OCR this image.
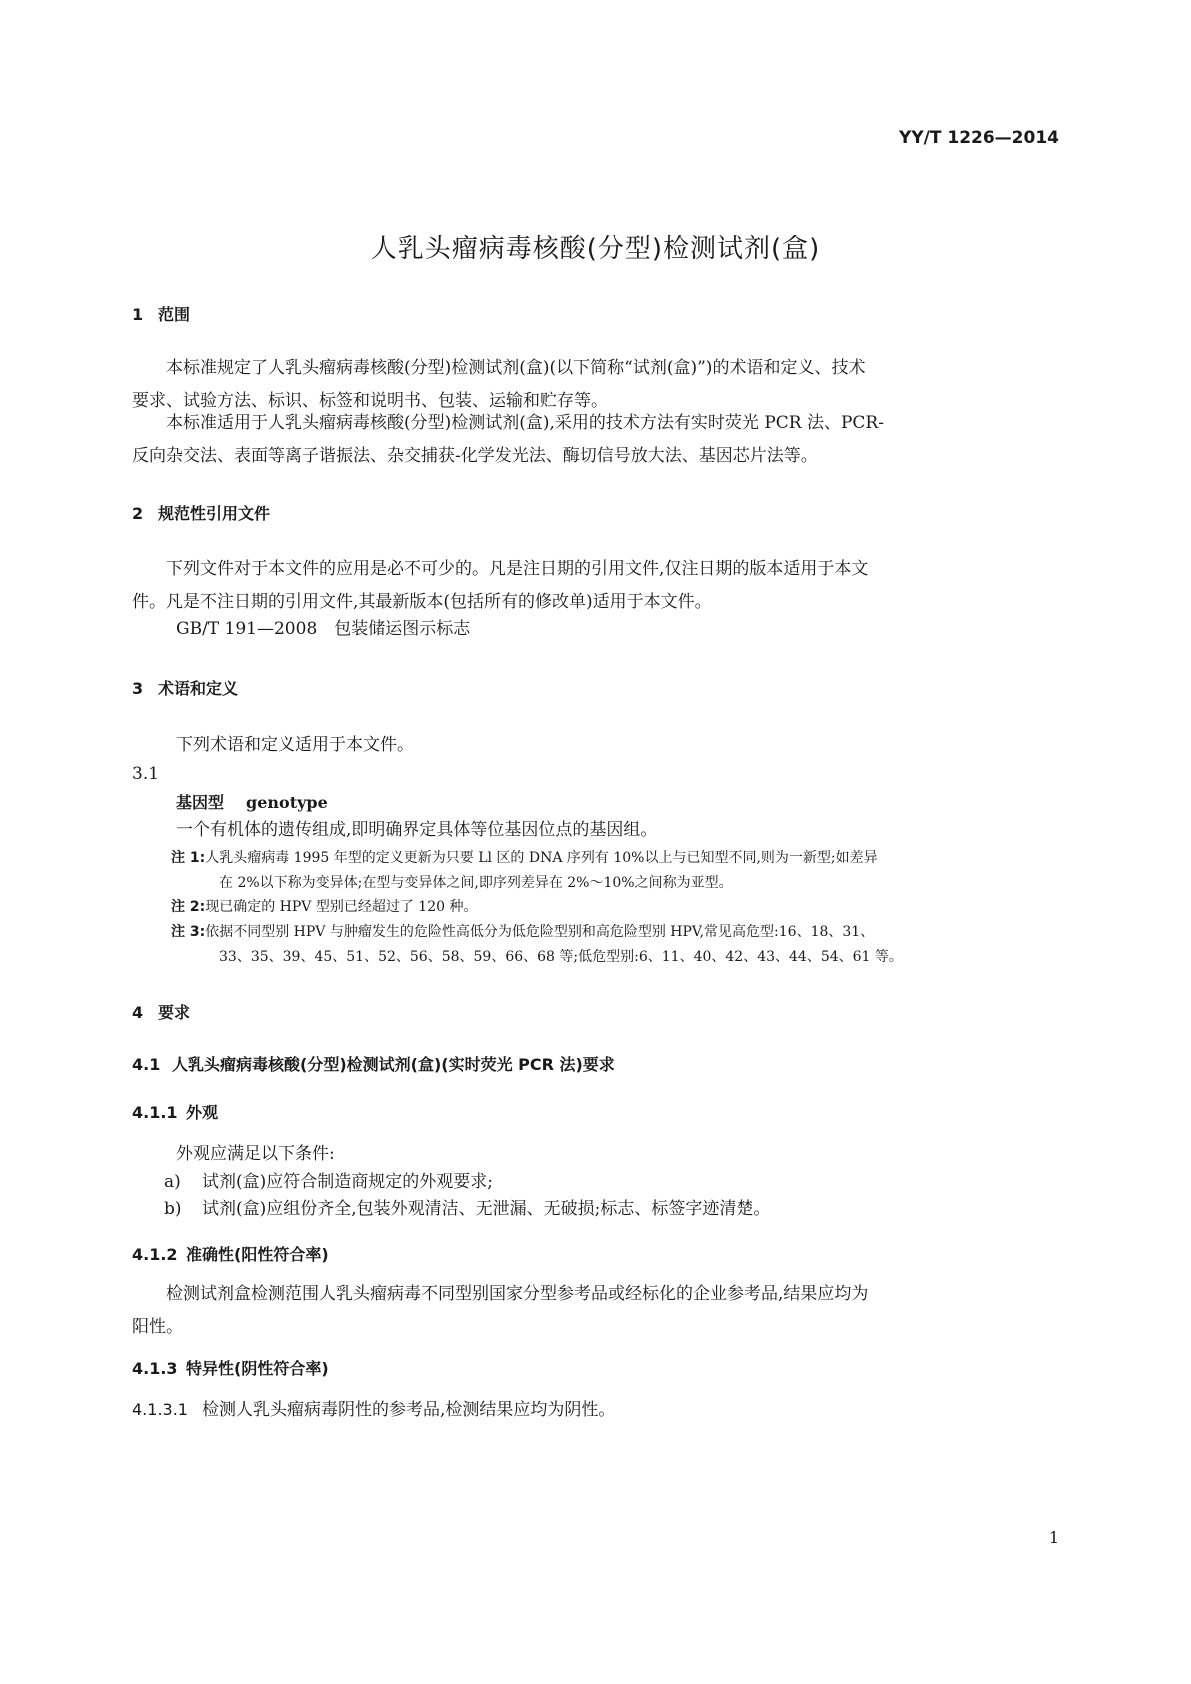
YY/T 1226—2014
人乳头瘤病毒核酸(分型)检测试剂(盒)
1 范围
本标准规定了人乳头瘤病毒核酸(分型)检测试剂(盒)(以下简称“试剂(盒)”)的术语和定义、技术
要求、试验方法、标识、标签和说明书、包装、运输和贮存等。
本标准适用于人乳头瘤病毒核酸(分型)检测试剂(盒),采用的技术方法有实时荧光 PCR 法、PCR-
反向杂交法、表面等离子谐振法、杂交捕获-化学发光法、酶切信号放大法、基因芯片法等。
2 规范性引用文件
下列文件对于本文件的应用是必不可少的。凡是注日期的引用文件,仅注日期的版本适用于本文
件。凡是不注日期的引用文件,其最新版本(包括所有的修改单)适用于本文件。
GB/T 191—2008　包装储运图示标志
3 术语和定义
下列术语和定义适用于本文件。
3.1
基因型 genotype
一个有机体的遗传组成,即明确界定具体等位基因位点的基因组。
注 1:人乳头瘤病毒 1995 年型的定义更新为只要 Ll 区的 DNA 序列有 10%以上与已知型不同,则为一新型;如差异
在 2%以下称为变异体;在型与变异体之间,即序列差异在 2%～10%之间称为亚型。
注 2:现已确定的 HPV 型别已经超过了 120 种。
注 3:依据不同型别 HPV 与肿瘤发生的危险性高低分为低危险型别和高危险型别 HPV,常见高危型:16、18、31、
33、35、39、45、51、52、56、58、59、66、68 等;低危型别:6、11、40、42、43、44、54、61 等。
4 要求
4.1 人乳头瘤病毒核酸(分型)检测试剂(盒)(实时荧光 PCR 法)要求
4.1.1 外观
外观应满足以下条件:
a) 试剂(盒)应符合制造商规定的外观要求;
b) 试剂(盒)应组份齐全,包装外观清洁、无泄漏、无破损;标志、标签字迹清楚。
4.1.2 准确性(阳性符合率)
检测试剂盒检测范围人乳头瘤病毒不同型别国家分型参考品或经标化的企业参考品,结果应均为
阳性。
4.1.3 特异性(阴性符合率)
4.1.3.1 检测人乳头瘤病毒阴性的参考品,检测结果应均为阴性。
1
